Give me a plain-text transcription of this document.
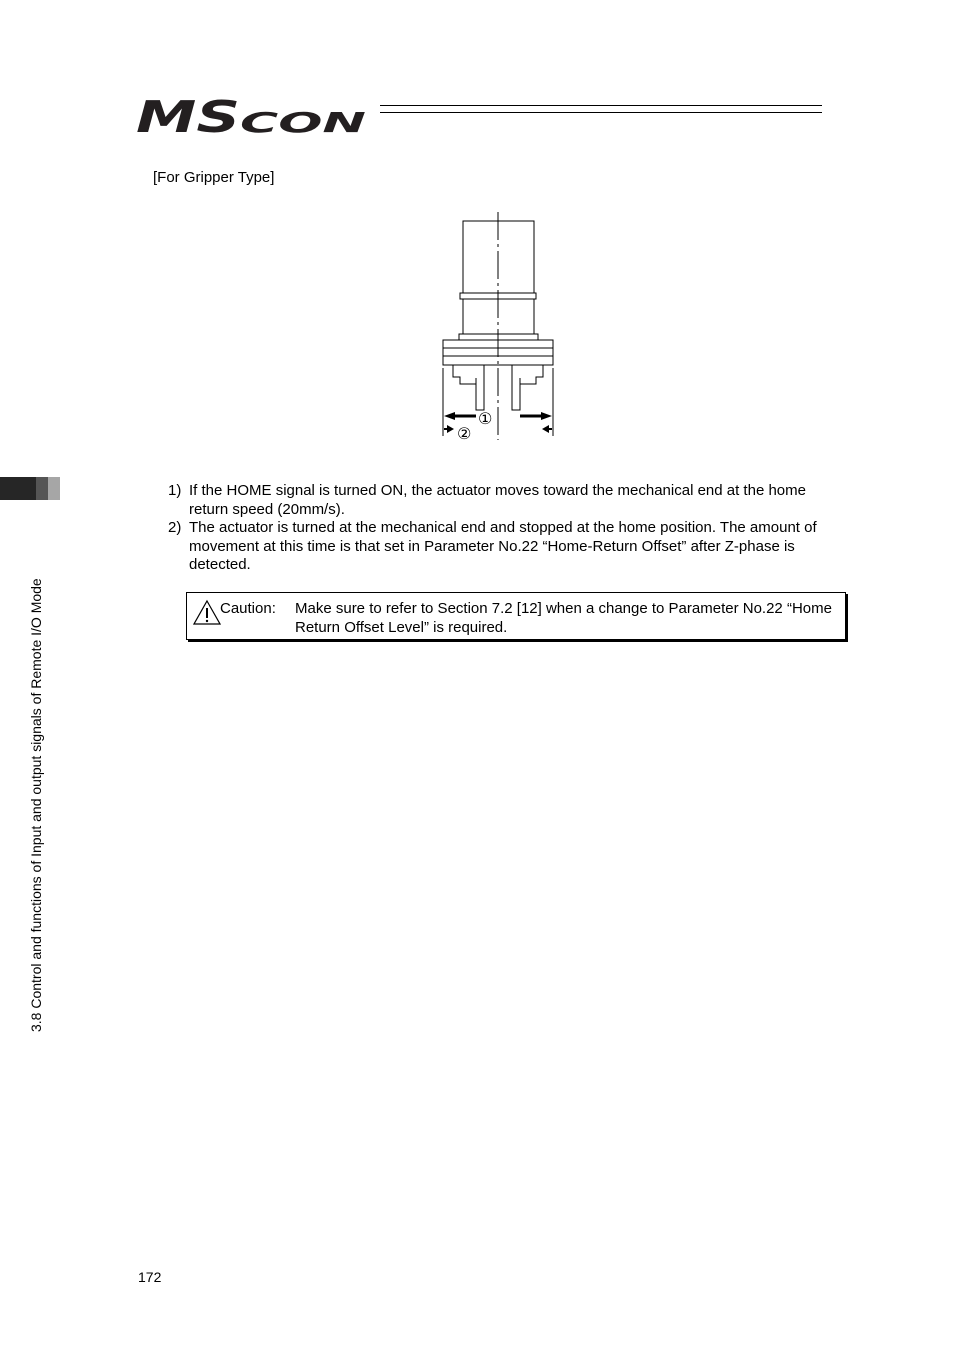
MS CON
[For Gripper Type]
①
②
1) If the HOME signal is turned ON, the actuator moves toward the mechanical end at the home return speed (20mm/s).
2) The actuator is turned at the mechanical end and stopped at the home position. The amount of movement at this time is that set in Parameter No.22 “Home-Return Offset” after Z-phase is detected.
Caution: Make sure to refer to Section 7.2 [12] when a change to Parameter No.22 “Home Return Offset Level” is required.
3.8 Control and functions of Input and output signals of Remote I/O Mode
172
